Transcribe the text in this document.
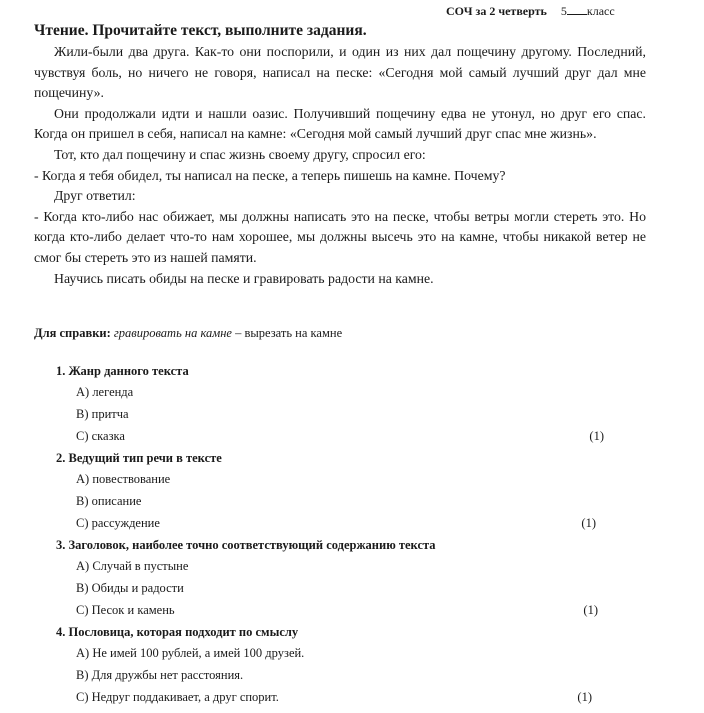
СОЧ за 2 четверть 5 класс
Чтение. Прочитайте текст, выполните задания.

Жили-были два друга. Как-то они поспорили, и один из них дал пощечину другому. Последний, чувствуя боль, но ничего не говоря, написал на песке: «Сегодня мой самый лучший друг дал мне пощечину».

Они продолжали идти и нашли оазис. Получивший пощечину едва не утонул, но друг его спас. Когда он пришел в себя, написал на камне: «Сегодня мой самый лучший друг спас мне жизнь».

Тот, кто дал пощечину и спас жизнь своему другу, спросил его:

- Когда я тебя обидел, ты написал на песке, а теперь пишешь на камне. Почему?

Друг ответил:

- Когда кто-либо нас обижает, мы должны написать это на песке, чтобы ветры могли стереть это. Но когда кто-либо делает что-то нам хорошее, мы должны высечь это на камне, чтобы никакой ветер не смог бы стереть это из нашей памяти.

Научись писать обиды на песке и гравировать радости на камне.

Для справки: гравировать на камне – вырезать на камне
1. Жанр данного текста
А) легенда
В) притча
С) сказка	(1)
2. Ведущий тип речи в тексте
А) повествование
В) описание
С) рассуждение	(1)
3. Заголовок, наиболее точно соответствующий содержанию текста
А) Случай в пустыне
В) Обиды и радости
С) Песок и камень	(1)
4. Пословица, которая подходит по смыслу
А) Не имей 100 рублей, а имей 100 друзей.
В) Для дружбы нет расстояния.
С) Недруг поддакивает, а друг спорит.	(1)
